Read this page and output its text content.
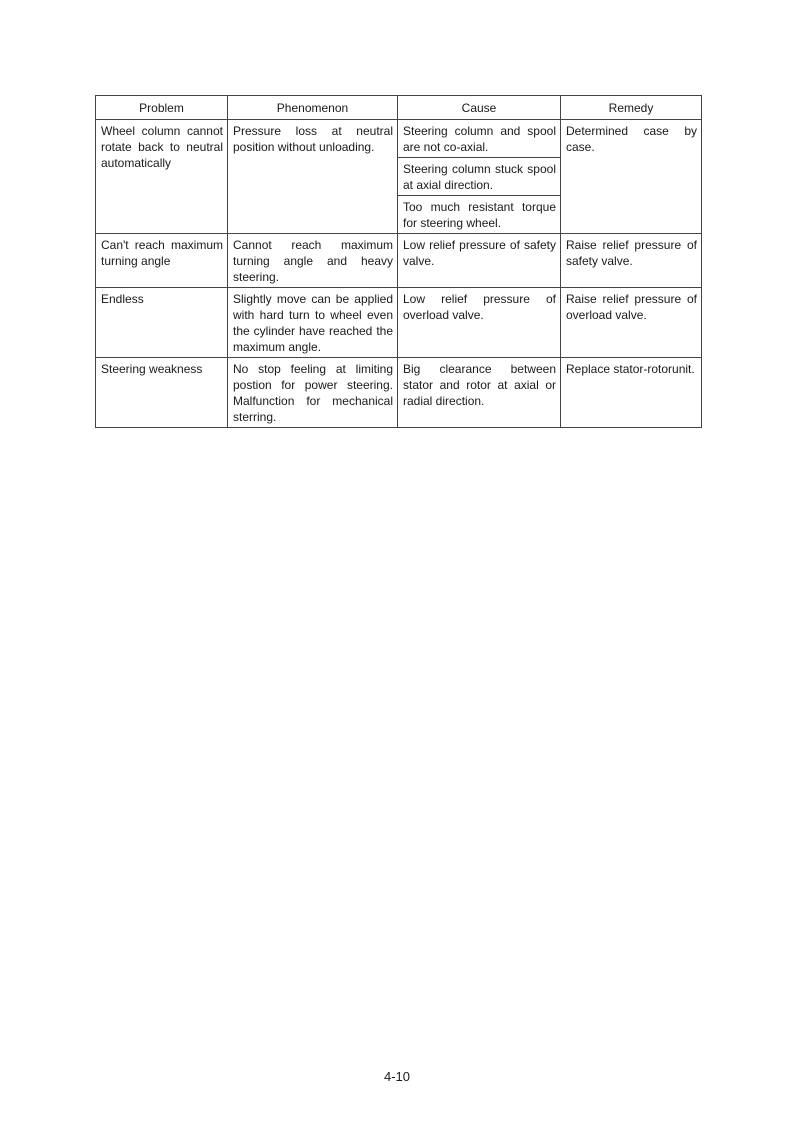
Problem	Phenomenon	Cause	Remedy
Wheel column cannot rotate back to neutral automatically	Pressure loss at neutral position without unloading.	Steering column and spool are not co-axial.	Determined case by case.
		Steering column stuck spool at axial direction.	
		Too much resistant torque for steering wheel.	
Can't reach maximum turning angle	Cannot reach maximum turning angle and heavy steering.	Low relief pressure of safety valve.	Raise relief pressure of safety valve.
Endless	Slightly move can be applied with hard turn to wheel even the cylinder have reached the maximum angle.	Low relief pressure of overload valve.	Raise relief pressure of overload valve.
Steering weakness	No stop feeling at limiting postion for power steering. Malfunction for mechanical sterring.	Big clearance between stator and rotor at axial or radial direction.	Replace stator-rotorunit.
4-10
